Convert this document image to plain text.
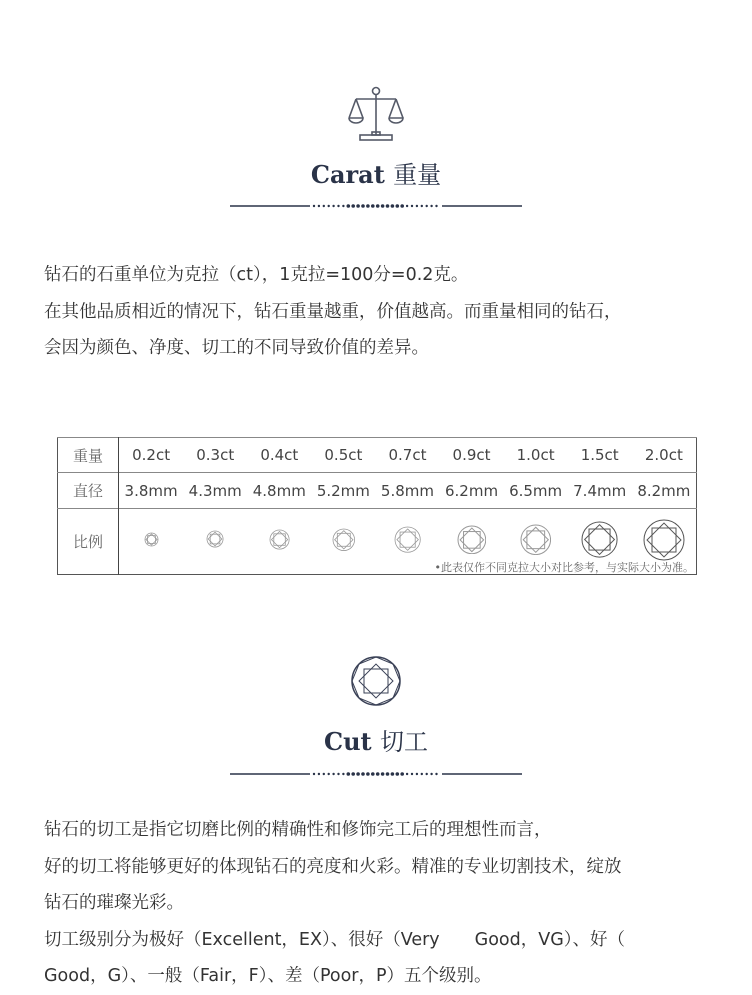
Carat 重量
钻石的石重单位为克拉（ct），1克拉=100分=0.2克。
在其他品质相近的情况下，钻石重量越重，价值越高。而重量相同的钻石，
会因为颜色、净度、切工的不同导致价值的差异。
重量	0.2ct	0.3ct	0.4ct	0.5ct	0.7ct	0.9ct	1.0ct	1.5ct	2.0ct
直径	3.8mm	4.3mm	4.8mm	5.2mm	5.8mm	6.2mm	6.5mm	7.4mm	8.2mm
比例									
•此表仅作不同克拉大小对比参考，与实际大小为准。
Cut 切工
钻石的切工是指它切磨比例的精确性和修饰完工后的理想性而言，
好的切工将能够更好的体现钻石的亮度和火彩。精准的专业切割技术，绽放
钻石的璀璨光彩。
切工级别分为极好（Excellent，EX）、很好（Very　　Good，VG）、好（
Good，G）、一般（Fair，F）、差（Poor，P）五个级别。
